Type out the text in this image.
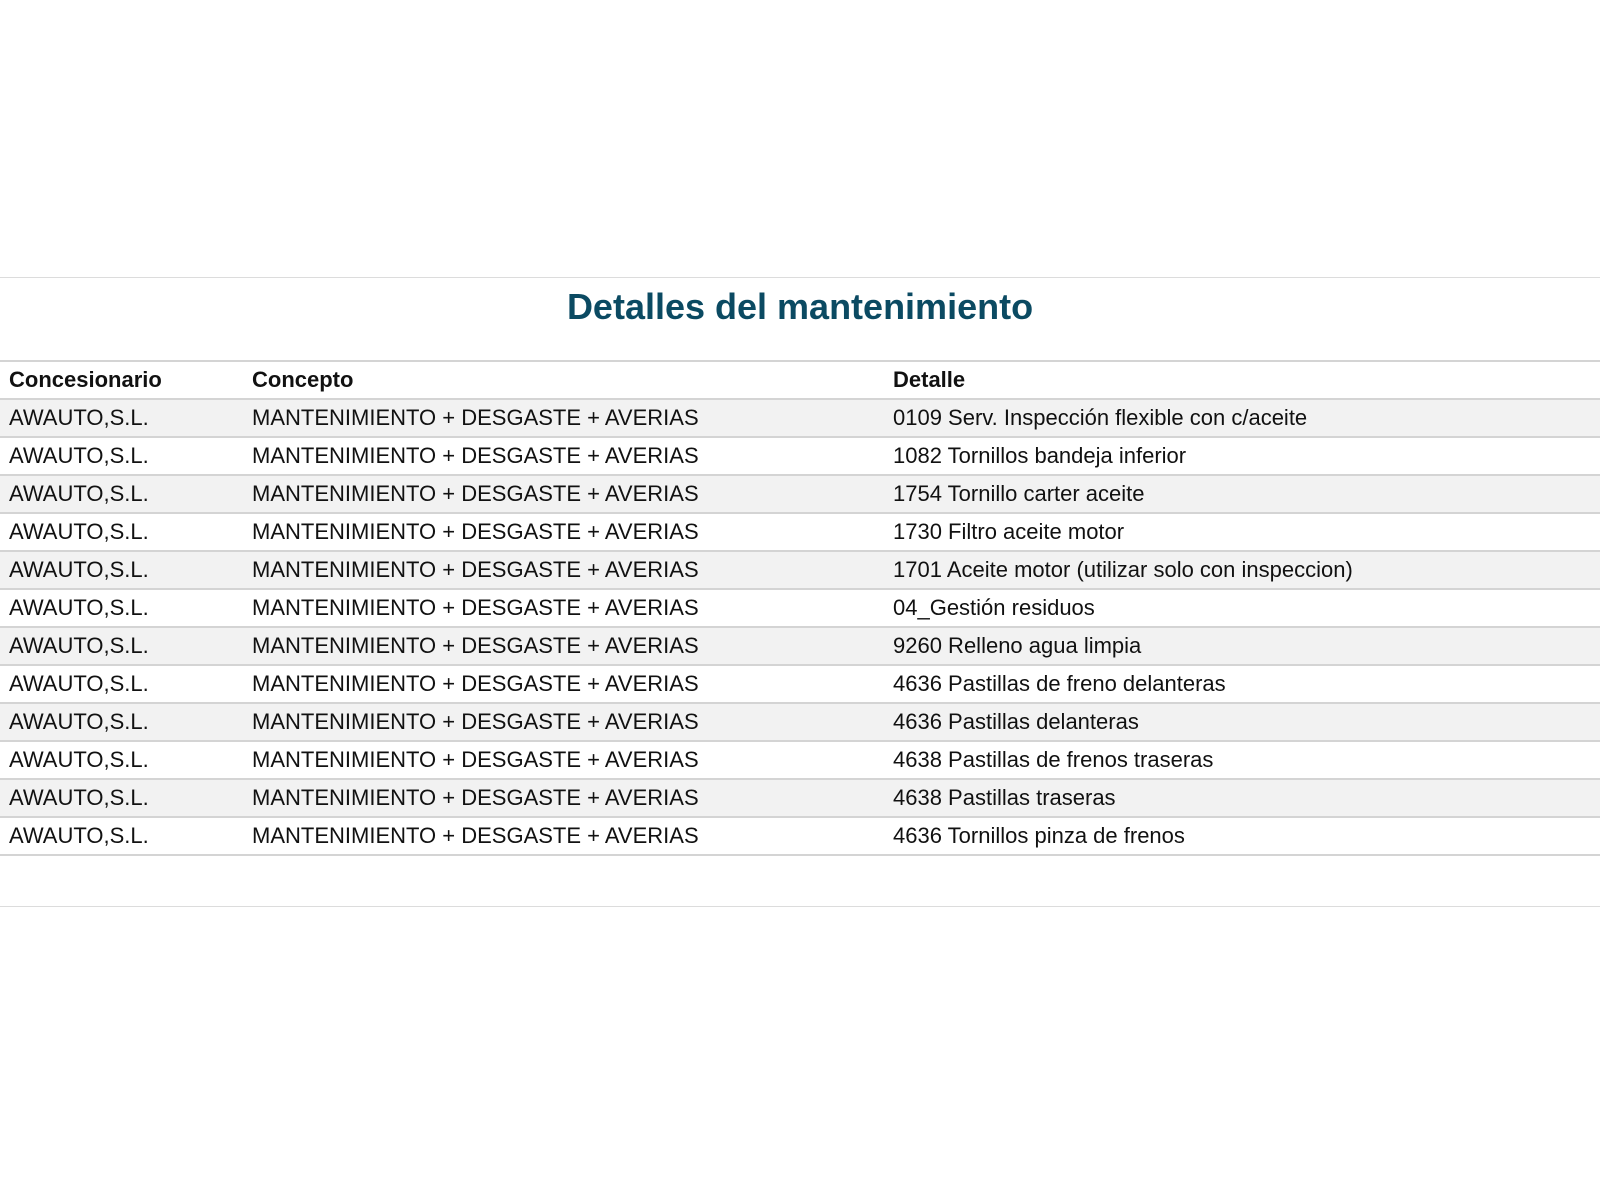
Detalles del mantenimiento
Concesionario	Concepto	Detalle
AWAUTO,S.L.	MANTENIMIENTO + DESGASTE + AVERIAS	0109 Serv. Inspección flexible con c/aceite
AWAUTO,S.L.	MANTENIMIENTO + DESGASTE + AVERIAS	1082 Tornillos bandeja inferior
AWAUTO,S.L.	MANTENIMIENTO + DESGASTE + AVERIAS	1754 Tornillo carter aceite
AWAUTO,S.L.	MANTENIMIENTO + DESGASTE + AVERIAS	1730 Filtro aceite motor
AWAUTO,S.L.	MANTENIMIENTO + DESGASTE + AVERIAS	1701 Aceite motor (utilizar solo con inspeccion)
AWAUTO,S.L.	MANTENIMIENTO + DESGASTE + AVERIAS	04_Gestión residuos
AWAUTO,S.L.	MANTENIMIENTO + DESGASTE + AVERIAS	9260 Relleno agua limpia
AWAUTO,S.L.	MANTENIMIENTO + DESGASTE + AVERIAS	4636 Pastillas de freno delanteras
AWAUTO,S.L.	MANTENIMIENTO + DESGASTE + AVERIAS	4636 Pastillas delanteras
AWAUTO,S.L.	MANTENIMIENTO + DESGASTE + AVERIAS	4638 Pastillas de frenos traseras
AWAUTO,S.L.	MANTENIMIENTO + DESGASTE + AVERIAS	4638 Pastillas traseras
AWAUTO,S.L.	MANTENIMIENTO + DESGASTE + AVERIAS	4636 Tornillos pinza de frenos
